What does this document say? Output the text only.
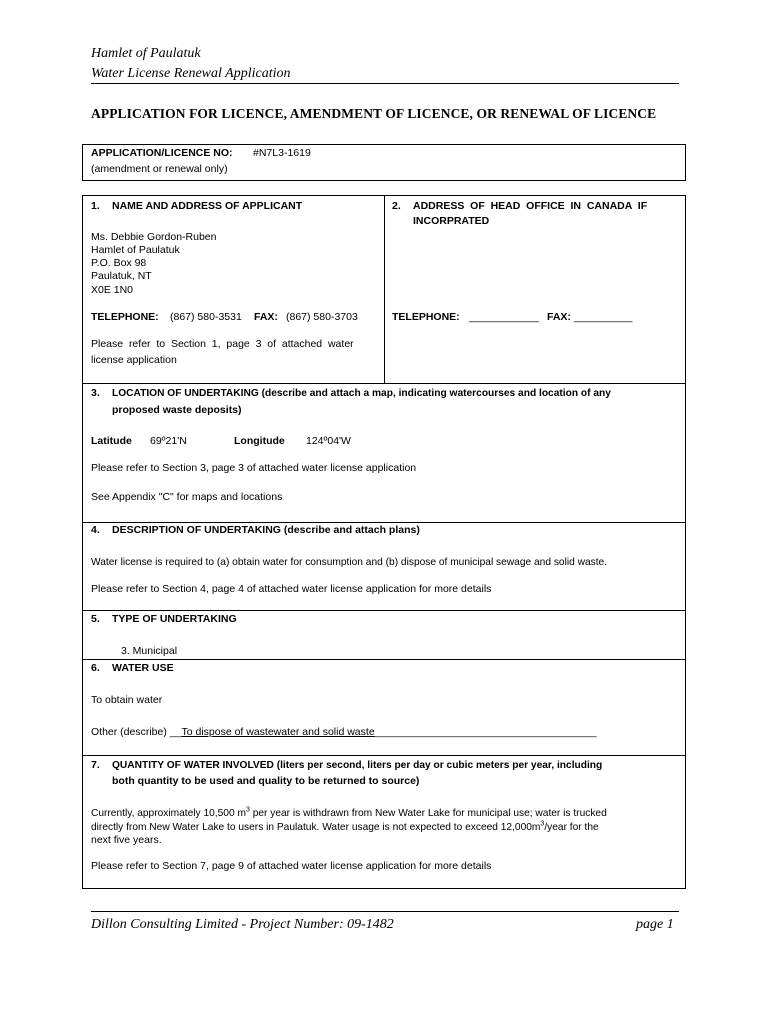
Hamlet of Paulatuk
Water License Renewal Application
APPLICATION FOR LICENCE, AMENDMENT OF LICENCE, OR RENEWAL OF LICENCE
APPLICATION/LICENCE NO: #N7L3-1619
(amendment or renewal only)
1. NAME AND ADDRESS OF APPLICANT
Ms. Debbie Gordon-Ruben
Hamlet of Paulatuk
P.O. Box 98
Paulatuk, NT
X0E 1N0
TELEPHONE: (867) 580-3531 FAX: (867) 580-3703
Please  refer  to  Section  1,  page  3  of  attached  water
license application
2. ADDRESS  OF  HEAD  OFFICE  IN  CANADA  IF
INCORPRATED
TELEPHONE: ____________ FAX: __________
3. LOCATION OF UNDERTAKING (describe and attach a map, indicating watercourses and location of any
proposed waste deposits)
Latitude 69º21'N	Longitude 124º04'W
Please refer to Section 3, page 3 of attached water license application
See Appendix "C" for maps and locations
4. DESCRIPTION OF UNDERTAKING (describe and attach plans)
Water license is required to (a) obtain water for consumption and (b) dispose of municipal sewage and solid waste.
Please refer to Section 4, page 4 of attached water license application for more details
5. TYPE OF UNDERTAKING
3. Municipal
6. WATER USE
To obtain water
Other (describe) __To dispose of wastewater and solid waste______________________________________
7. QUANTITY OF WATER INVOLVED (liters per second, liters per day or cubic meters per year, including
both quantity to be used and quality to be returned to source)
Currently, approximately 10,500 $m^3$ per year is withdrawn from New Water Lake for municipal use; water is trucked
directly from New Water Lake to users in Paulatuk. Water usage is not expected to exceed $12,000m^3$/year for the
next five years.
Please refer to Section 7, page 9 of attached water license application for more details
Dillon Consulting Limited - Project Number: 09-1482	page 1
